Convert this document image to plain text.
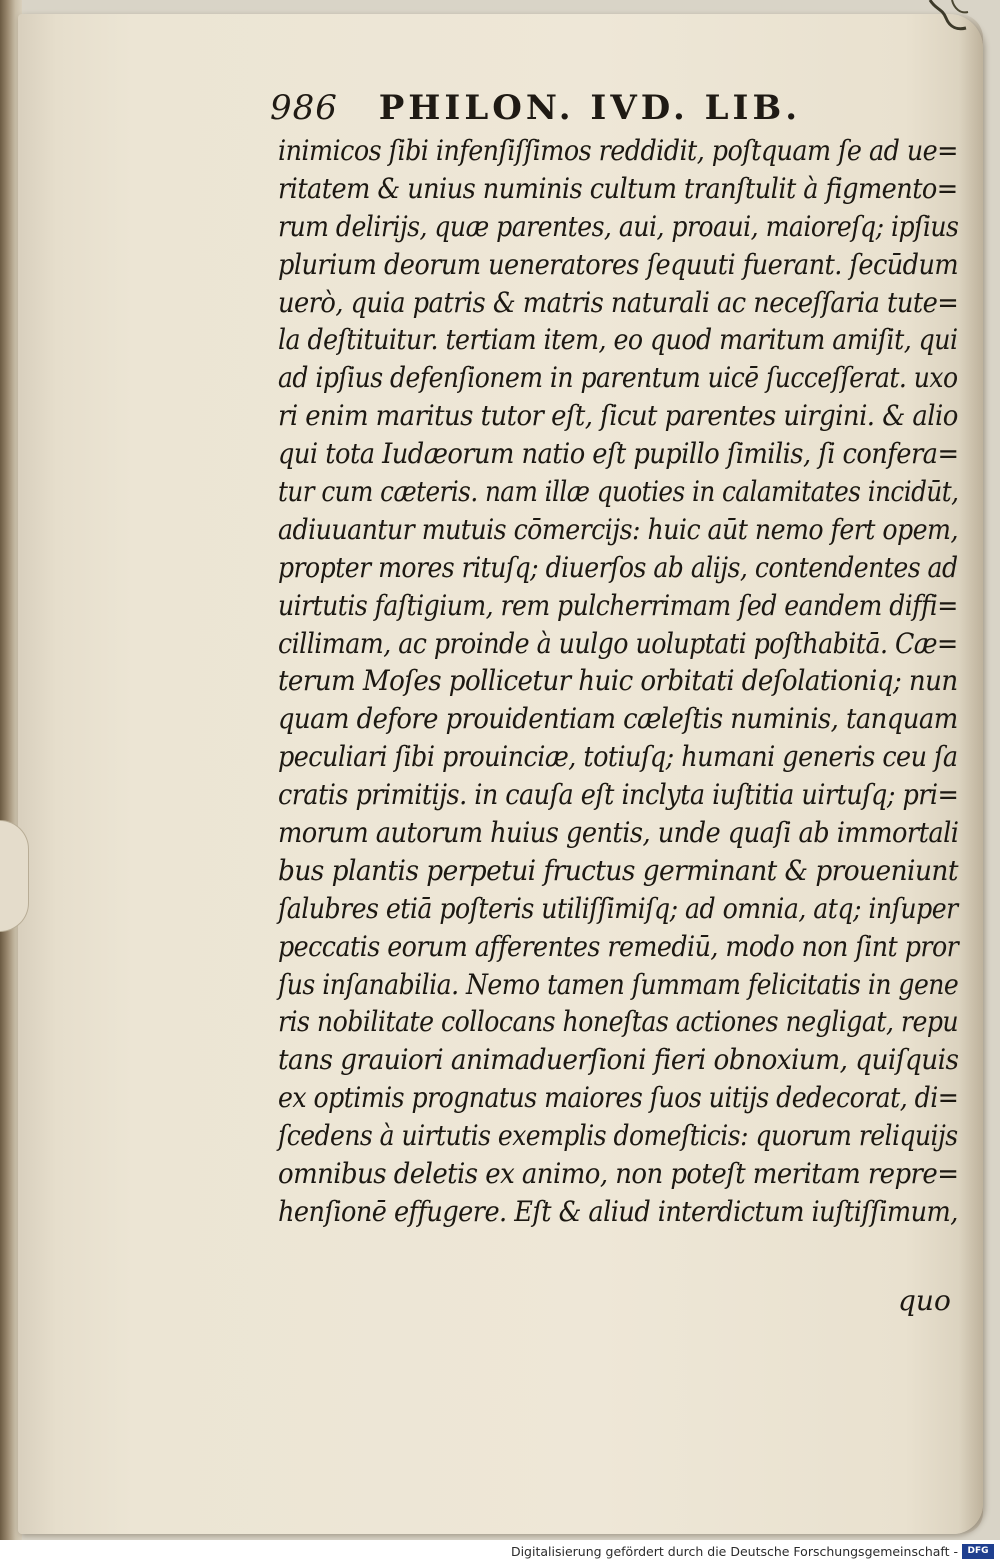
986 PHILON. IVD. LIB.
inimicos ſibi infenſiſſimos reddidit, poſtquam ſe ad ue=
ritatem & unius numinis cultum tranſtulit à figmento=
rum delirijs, quæ parentes, aui, proaui, maioreſq; ipſius
plurium deorum ueneratores ſequuti fuerant. ſecūdum
uerò, quia patris & matris naturali ac neceſſaria tute=
la deſtituitur. tertiam item, eo quod maritum amiſit, qui
ad ipſius defenſionem in parentum uicē ſucceſſerat. uxo
ri enim maritus tutor eſt, ſicut parentes uirgini. & alio
qui tota Iudæorum natio eſt pupillo ſimilis, ſi confera=
tur cum cæteris. nam illæ quoties in calamitates incidūt,
adiuuantur mutuis cōmercijs: huic aūt nemo fert opem,
propter mores rituſq; diuerſos ab alijs, contendentes ad
uirtutis faſtigium, rem pulcherrimam ſed eandem diffi=
cillimam, ac proinde à uulgo uoluptati poſthabitā. Cæ=
terum Moſes pollicetur huic orbitati deſolationiq; nun
quam defore prouidentiam cæleſtis numinis, tanquam
peculiari ſibi prouinciæ, totiuſq; humani generis ceu ſa
cratis primitijs. in cauſa eſt inclyta iuſtitia uirtuſq; pri=
morum autorum huius gentis, unde quaſi ab immortali
bus plantis perpetui fructus germinant & proueniunt
ſalubres etiā poſteris utiliſſimiſq; ad omnia, atq; inſuper
peccatis eorum afferentes remediū, modo non ſint pror
ſus inſanabilia. Nemo tamen ſummam felicitatis in gene
ris nobilitate collocans honeſtas actiones negligat, repu
tans grauiori animaduerſioni fieri obnoxium, quiſquis
ex optimis prognatus maiores ſuos uitijs dedecorat, di=
ſcedens à uirtutis exemplis domeſticis: quorum reliquijs
omnibus deletis ex animo, non poteſt meritam repre=
henſionē effugere. Eſt & aliud interdictum iuſtiſſimum,
quo
Digitalisierung gefördert durch die Deutsche Forschungsgemeinschaft -	DFG
